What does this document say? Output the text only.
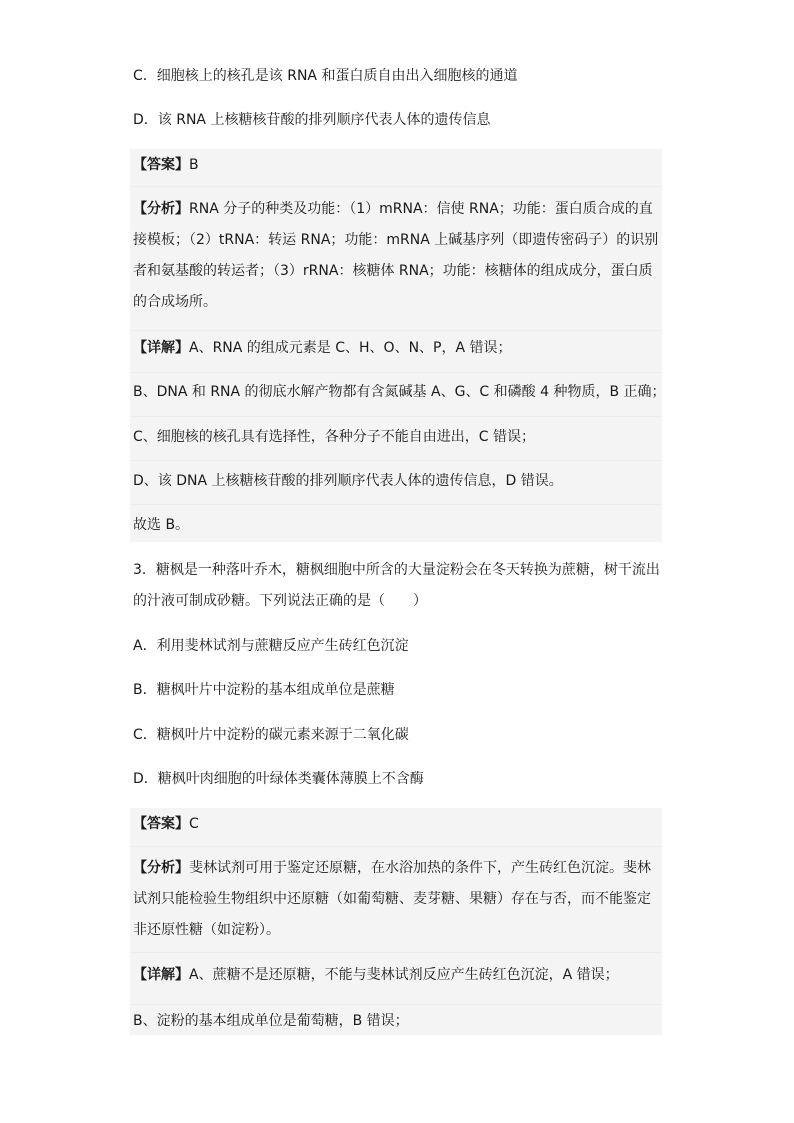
C．细胞核上的核孔是该 RNA 和蛋白质自由出入细胞核的通道
D．该 RNA 上核糖核苷酸的排列顺序代表人体的遗传信息
【答案】B
【分析】RNA 分子的种类及功能：（1）mRNA：信使 RNA；功能：蛋白质合成的直接模板；（2）tRNA：转运 RNA；功能：mRNA 上碱基序列（即遗传密码子）的识别者和氨基酸的转运者；（3）rRNA：核糖体 RNA；功能：核糖体的组成成分，蛋白质的合成场所。
【详解】A、RNA 的组成元素是 C、H、O、N、P，A 错误；
B、DNA 和 RNA 的彻底水解产物都有含氮碱基 A、G、C 和磷酸 4 种物质，B 正确；
C、细胞核的核孔具有选择性，各种分子不能自由进出，C 错误；
D、该 DNA 上核糖核苷酸的排列顺序代表人体的遗传信息，D 错误。
故选 B。
3．糖枫是一种落叶乔木，糖枫细胞中所含的大量淀粉会在冬天转换为蔗糖，树干流出的汁液可制成砂糖。下列说法正确的是（　　）
A．利用斐林试剂与蔗糖反应产生砖红色沉淀
B．糖枫叶片中淀粉的基本组成单位是蔗糖
C．糖枫叶片中淀粉的碳元素来源于二氧化碳
D．糖枫叶肉细胞的叶绿体类囊体薄膜上不含酶
【答案】C
【分析】斐林试剂可用于鉴定还原糖，在水浴加热的条件下，产生砖红色沉淀。斐林试剂只能检验生物组织中还原糖（如葡萄糖、麦芽糖、果糖）存在与否，而不能鉴定非还原性糖（如淀粉）。
【详解】A、蔗糖不是还原糖，不能与斐林试剂反应产生砖红色沉淀，A 错误；
B、淀粉的基本组成单位是葡萄糖，B 错误；
